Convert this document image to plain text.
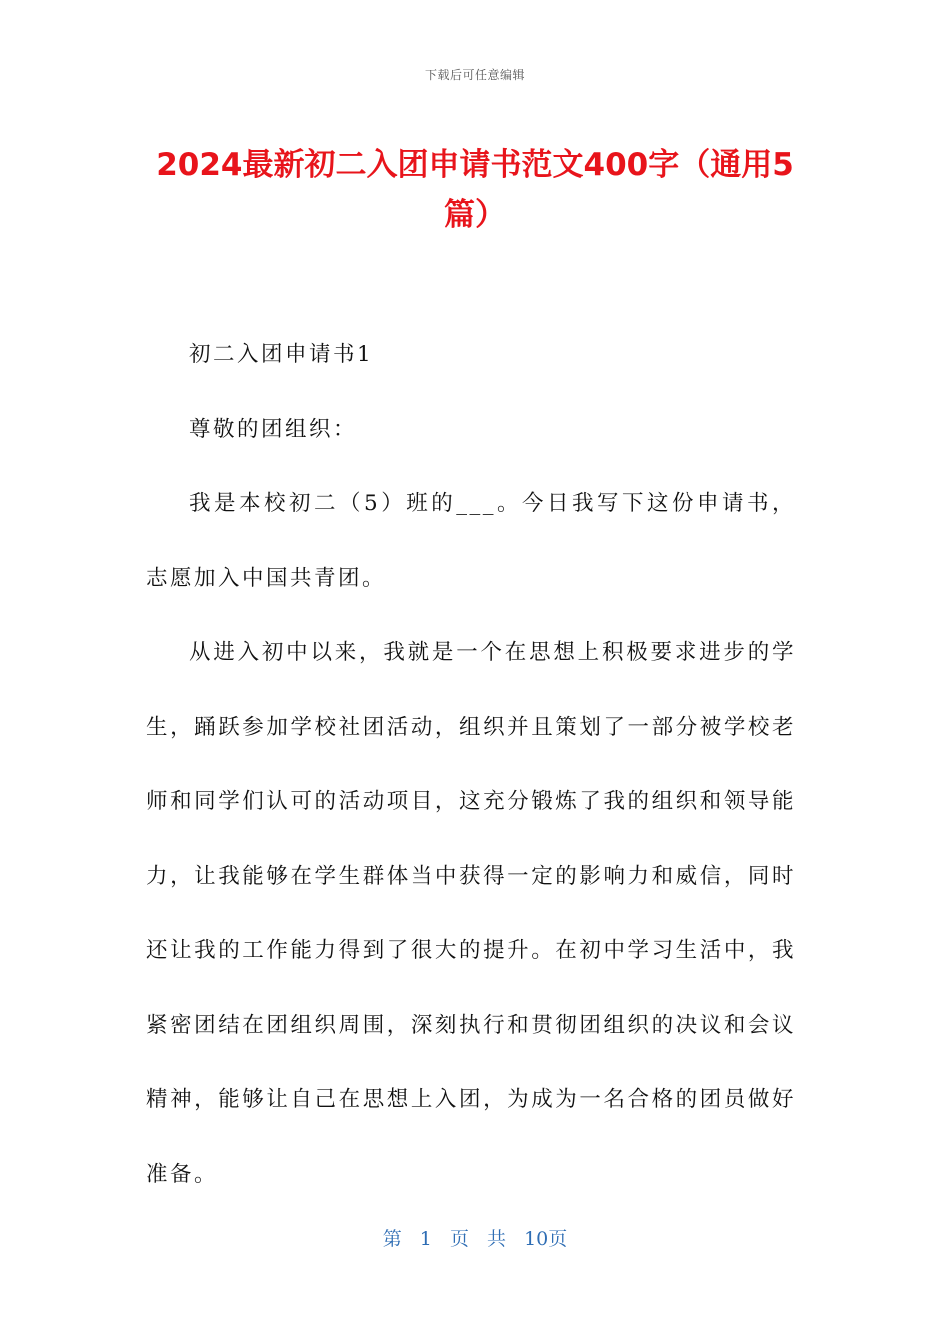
下载后可任意编辑
2024最新初二入团申请书范文400字（通用5篇）

初二入团申请书1

尊敬的团组织：

我是本校初二（5）班的___。今日我写下这份申请书，志愿加入中国共青团。

从进入初中以来，我就是一个在思想上积极要求进步的学生，踊跃参加学校社团活动，组织并且策划了一部分被学校老师和同学们认可的活动项目，这充分锻炼了我的组织和领导能力，让我能够在学生群体当中获得一定的影响力和威信，同时还让我的工作能力得到了很大的提升。在初中学习生活中，我紧密团结在团组织周围，深刻执行和贯彻团组织的决议和会议精神，能够让自己在思想上入团，为成为一名合格的团员做好准备。

第 1 页 共 10页
